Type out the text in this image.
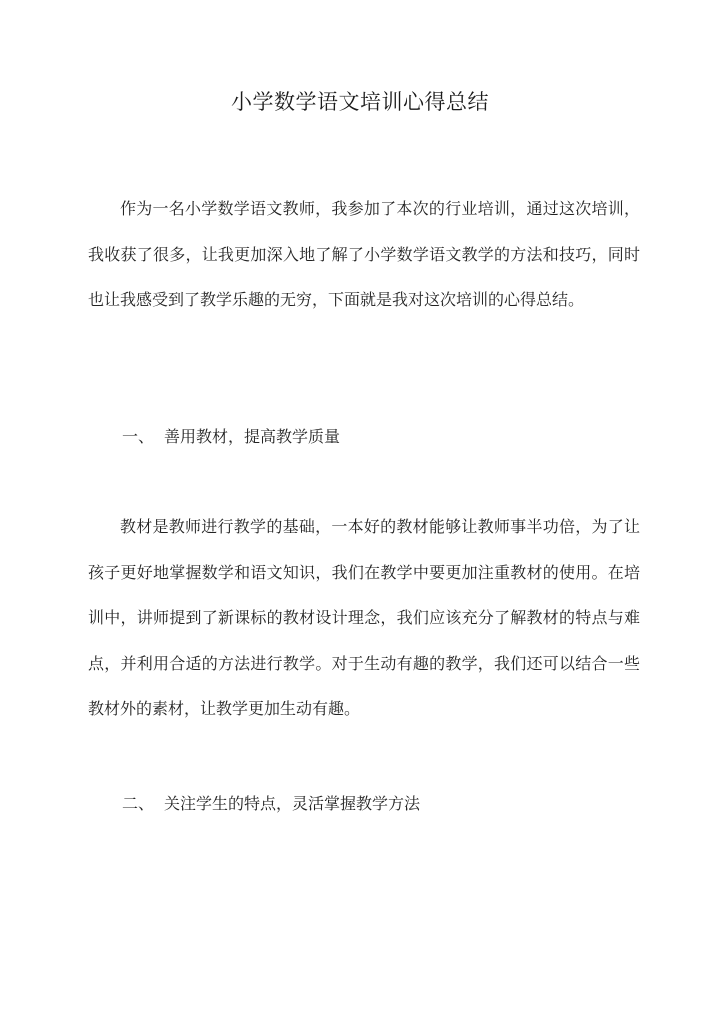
小学数学语文培训心得总结
作为一名小学数学语文教师，我参加了本次的行业培训，通过这次培训，我收获了很多，让我更加深入地了解了小学数学语文教学的方法和技巧，同时也让我感受到了教学乐趣的无穷，下面就是我对这次培训的心得总结。
一、 善用教材，提高教学质量
教材是教师进行教学的基础，一本好的教材能够让教师事半功倍，为了让孩子更好地掌握数学和语文知识，我们在教学中要更加注重教材的使用。在培训中，讲师提到了新课标的教材设计理念，我们应该充分了解教材的特点与难点，并利用合适的方法进行教学。对于生动有趣的教学，我们还可以结合一些教材外的素材，让教学更加生动有趣。
二、 关注学生的特点，灵活掌握教学方法
